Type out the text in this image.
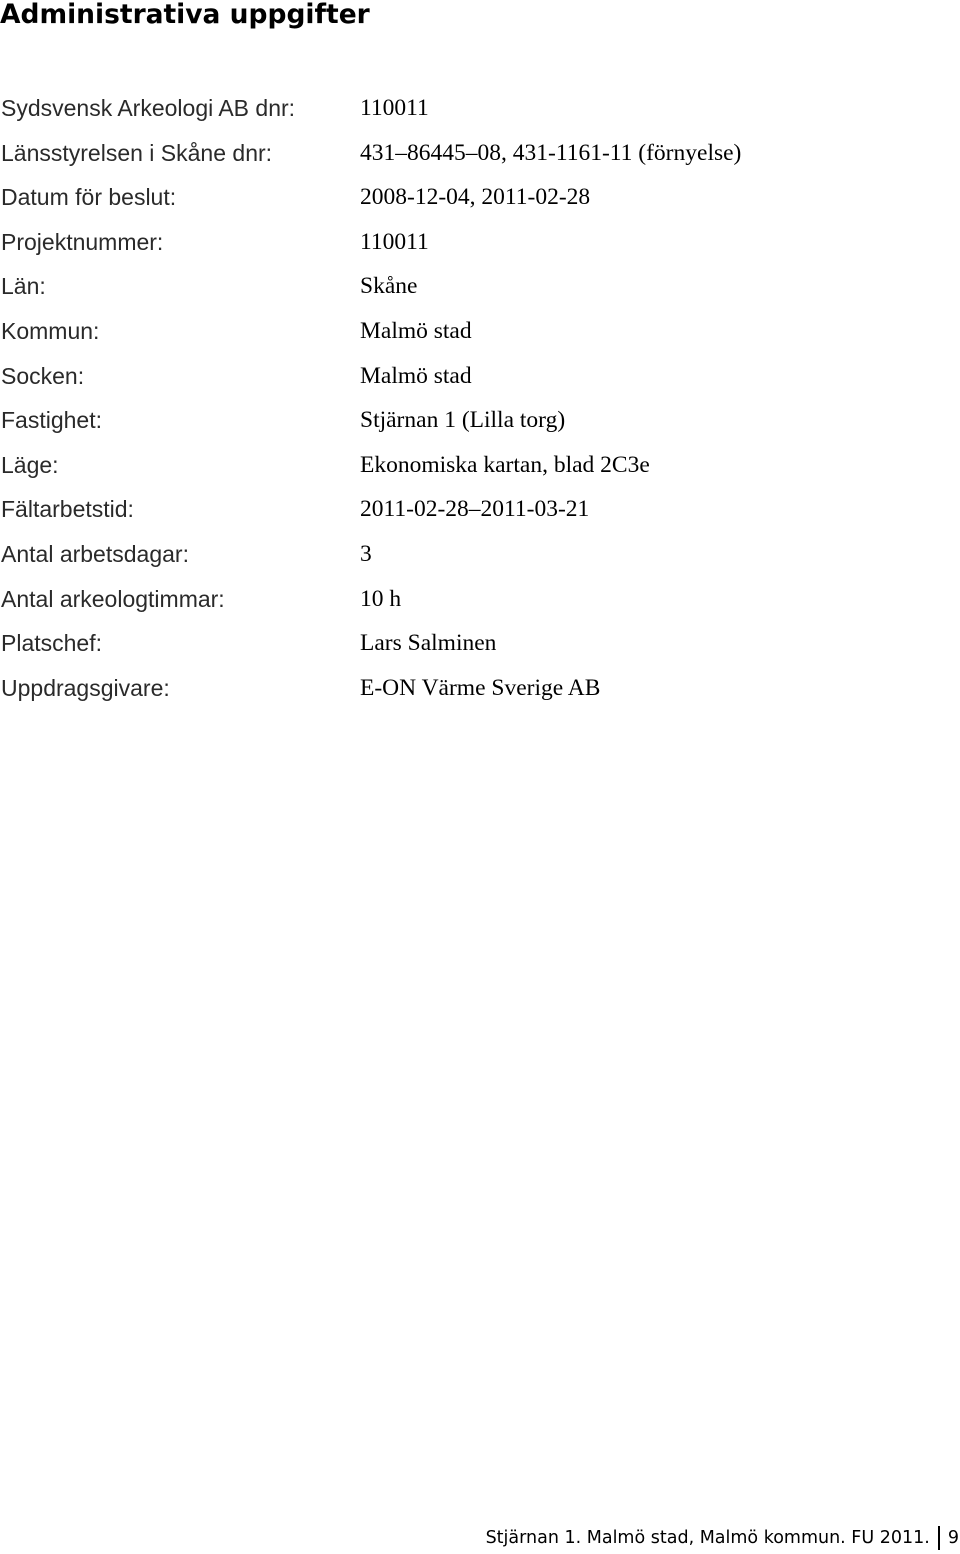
Administrativa uppgifter
Sydsvensk Arkeologi AB dnr:	110011
Länsstyrelsen i Skåne dnr:	431–86445–08, 431-1161-11 (förnyelse)
Datum för beslut:	2008-12-04, 2011-02-28
Projektnummer:	110011
Län:	Skåne
Kommun:	Malmö stad
Socken:	Malmö stad
Fastighet:	Stjärnan 1 (Lilla torg)
Läge:	Ekonomiska kartan, blad 2C3e
Fältarbetstid:	2011-02-28–2011-03-21
Antal arbetsdagar:	3
Antal arkeologtimmar:	10 h
Platschef:	Lars Salminen
Uppdragsgivare:	E-ON Värme Sverige AB
Stjärnan 1. Malmö stad, Malmö kommun. FU 2011. 9
